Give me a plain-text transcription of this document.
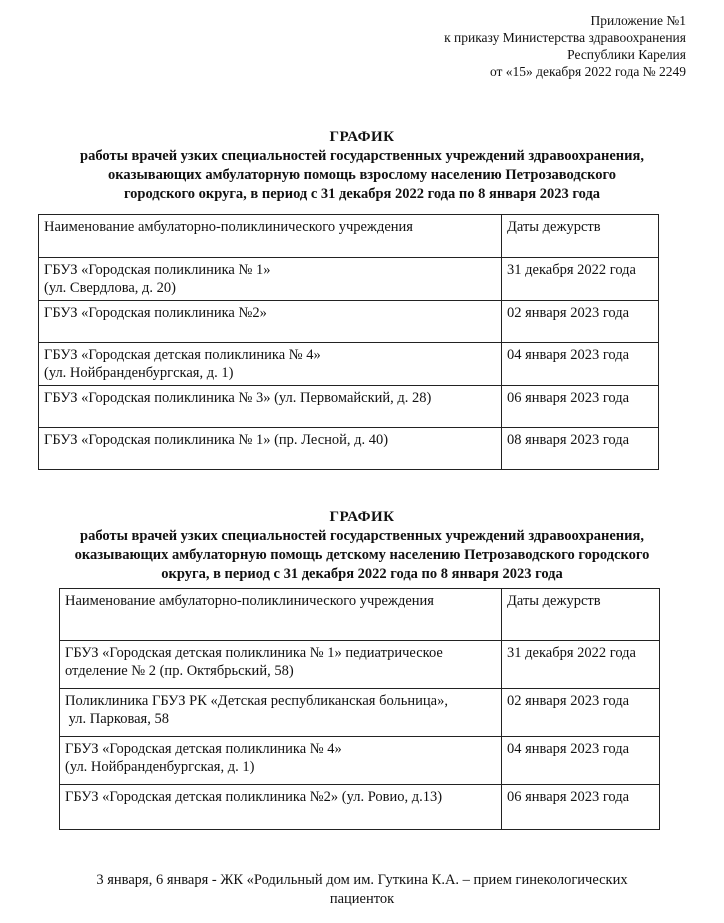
Приложение №1
к приказу Министерства здравоохранения
Республики Карелия
от «15» декабря 2022 года № 2249
ГРАФИК
работы врачей узких специальностей государственных учреждений здравоохранения,
оказывающих амбулаторную помощь взрослому населению Петрозаводского
городского округа, в период с 31 декабря 2022 года по 8 января 2023 года
Наименование амбулаторно-поликлинического учреждения	Даты дежурств

ГБУЗ «Городская поликлиника № 1»
(ул. Свердлова, д. 20)	31 декабря 2022 года

ГБУЗ «Городская поликлиника №2»	02 января 2023 года

ГБУЗ «Городская детская поликлиника № 4»
(ул. Нойбранденбургская, д. 1)	04 января 2023 года

ГБУЗ «Городская поликлиника № 3» (ул. Первомайский, д. 28)	06 января 2023 года

ГБУЗ «Городская поликлиника № 1» (пр. Лесной, д. 40)	08 января 2023 года
ГРАФИК
работы врачей узких специальностей государственных учреждений здравоохранения,
оказывающих амбулаторную помощь детскому населению Петрозаводского городского
округа, в период с 31 декабря 2022 года по 8 января 2023 года
Наименование амбулаторно-поликлинического учреждения	Даты дежурств

ГБУЗ «Городская детская поликлиника № 1» педиатрическое
отделение № 2 (пр. Октябрьский, 58)	31 декабря 2022 года

Поликлиника ГБУЗ РК «Детская республиканская больница»,
ул. Парковая, 58	02 января 2023 года

ГБУЗ «Городская детская поликлиника № 4»
(ул. Нойбранденбургская, д. 1)	04 января 2023 года

ГБУЗ «Городская детская поликлиника №2» (ул. Ровио, д.13)	06 января 2023 года
3 января, 6 января - ЖК «Родильный дом им. Гуткина К.А. – прием гинекологических
пациенток
